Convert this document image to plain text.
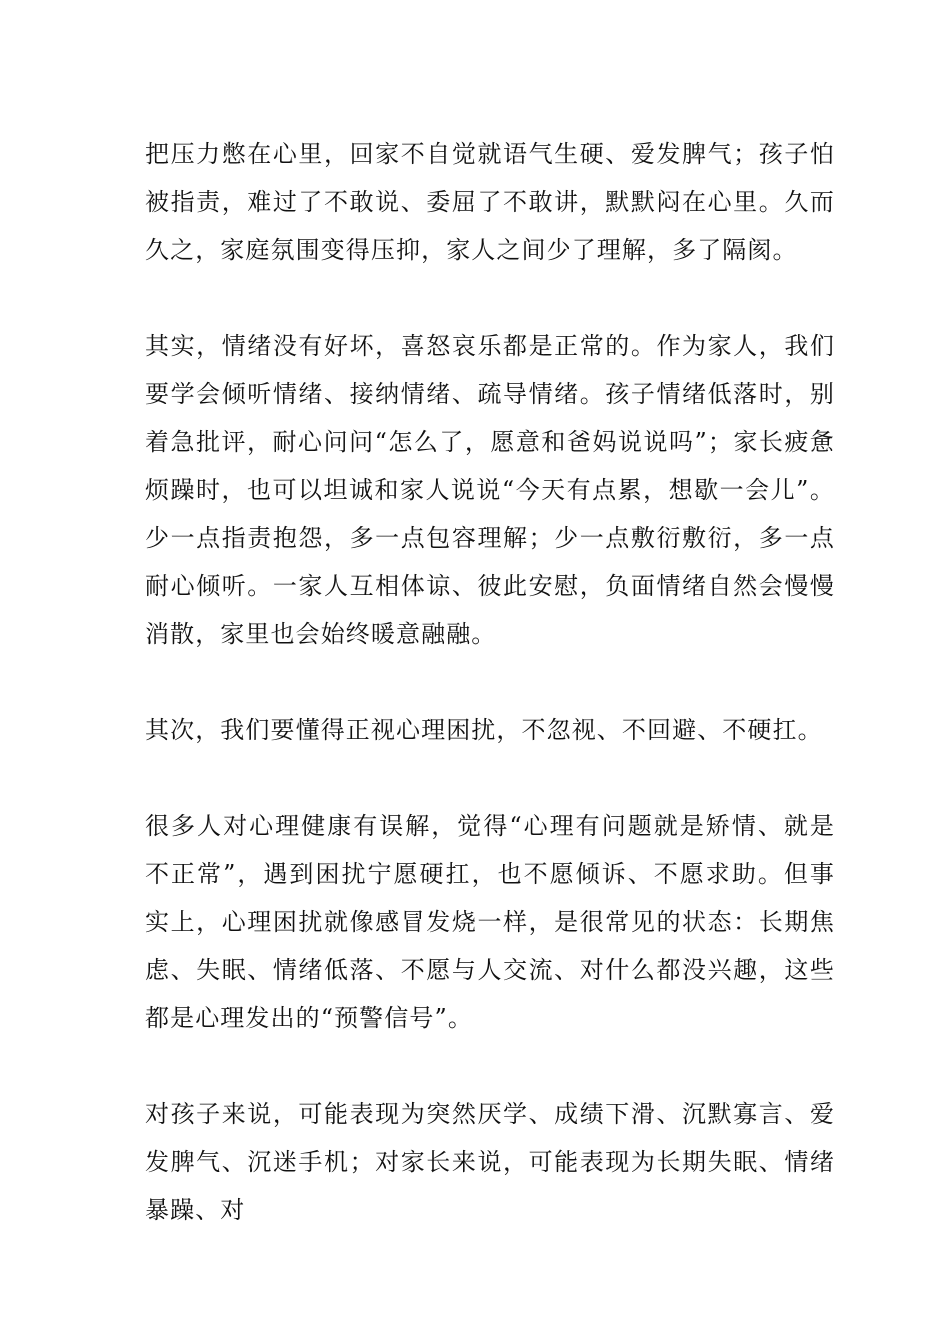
把压力憋在心里，回家不自觉就语气生硬、爱发脾气；孩子怕被指责，难过了不敢说、委屈了不敢讲，默默闷在心里。久而久之，家庭氛围变得压抑，家人之间少了理解，多了隔阂。

其实，情绪没有好坏，喜怒哀乐都是正常的。作为家人，我们要学会倾听情绪、接纳情绪、疏导情绪。孩子情绪低落时，别着急批评，耐心问问“怎么了，愿意和爸妈说说吗”；家长疲惫烦躁时，也可以坦诚和家人说说“今天有点累，想歇一会儿”。少一点指责抱怨，多一点包容理解；少一点敷衍敷衍，多一点耐心倾听。一家人互相体谅、彼此安慰，负面情绪自然会慢慢消散，家里也会始终暖意融融。

其次，我们要懂得正视心理困扰，不忽视、不回避、不硬扛。

很多人对心理健康有误解，觉得“心理有问题就是矫情、就是不正常”，遇到困扰宁愿硬扛，也不愿倾诉、不愿求助。但事实上，心理困扰就像感冒发烧一样，是很常见的状态：长期焦虑、失眠、情绪低落、不愿与人交流、对什么都没兴趣，这些都是心理发出的“预警信号”。

对孩子来说，可能表现为突然厌学、成绩下滑、沉默寡言、爱发脾气、沉迷手机；对家长来说，可能表现为长期失眠、情绪暴躁、对
